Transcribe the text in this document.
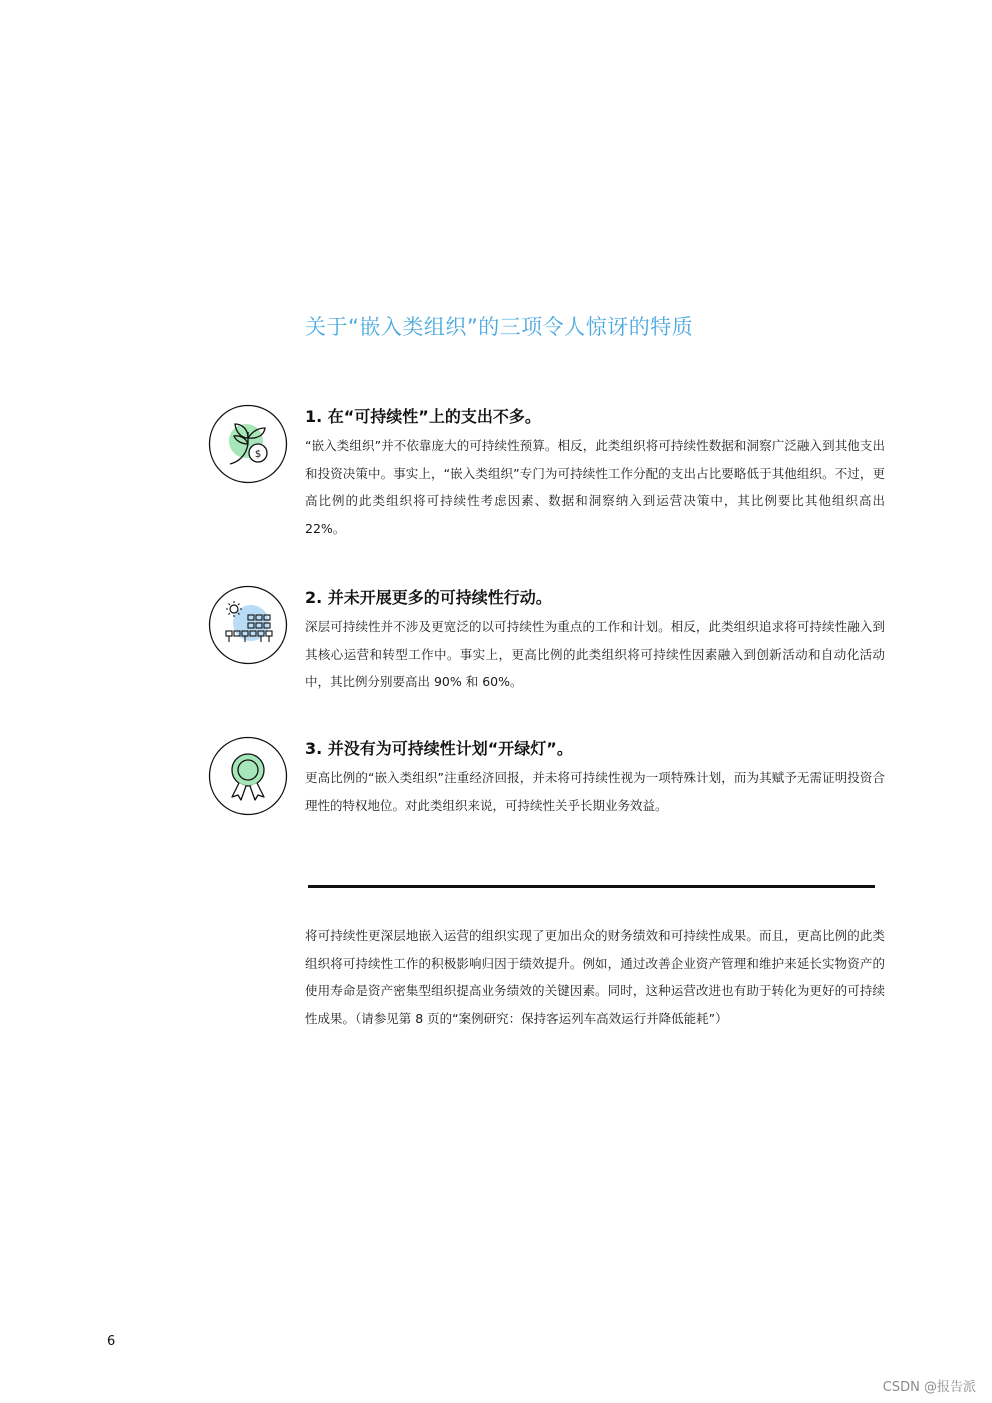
关于“嵌入类组织”的三项令人惊讶的特质
$
1. 在“可持续性”上的支出不多。
“嵌入类组织”并不依靠庞大的可持续性预算。相反，此类组织将可持续性数据和洞察广泛融入到其他支出和投资决策中。事实上，“嵌入类组织”专门为可持续性工作分配的支出占比要略低于其他组织。不过，更高比例的此类组织将可持续性考虑因素、数据和洞察纳入到运营决策中，其比例要比其他组织高出 22%。
2. 并未开展更多的可持续性行动。
深层可持续性并不涉及更宽泛的以可持续性为重点的工作和计划。相反，此类组织追求将可持续性融入到其核心运营和转型工作中。事实上，更高比例的此类组织将可持续性因素融入到创新活动和自动化活动中，其比例分别要高出 90% 和 60%。
3. 并没有为可持续性计划“开绿灯”。
更高比例的“嵌入类组织”注重经济回报，并未将可持续性视为一项特殊计划，而为其赋予无需证明投资合理性的特权地位。对此类组织来说，可持续性关乎长期业务效益。
将可持续性更深层地嵌入运营的组织实现了更加出众的财务绩效和可持续性成果。而且，更高比例的此类组织将可持续性工作的积极影响归因于绩效提升。例如，通过改善企业资产管理和维护来延长实物资产的使用寿命是资产密集型组织提高业务绩效的关键因素。同时，这种运营改进也有助于转化为更好的可持续性成果。（请参见第 8 页的“案例研究：保持客运列车高效运行并降低能耗”）
6
CSDN @报告派
